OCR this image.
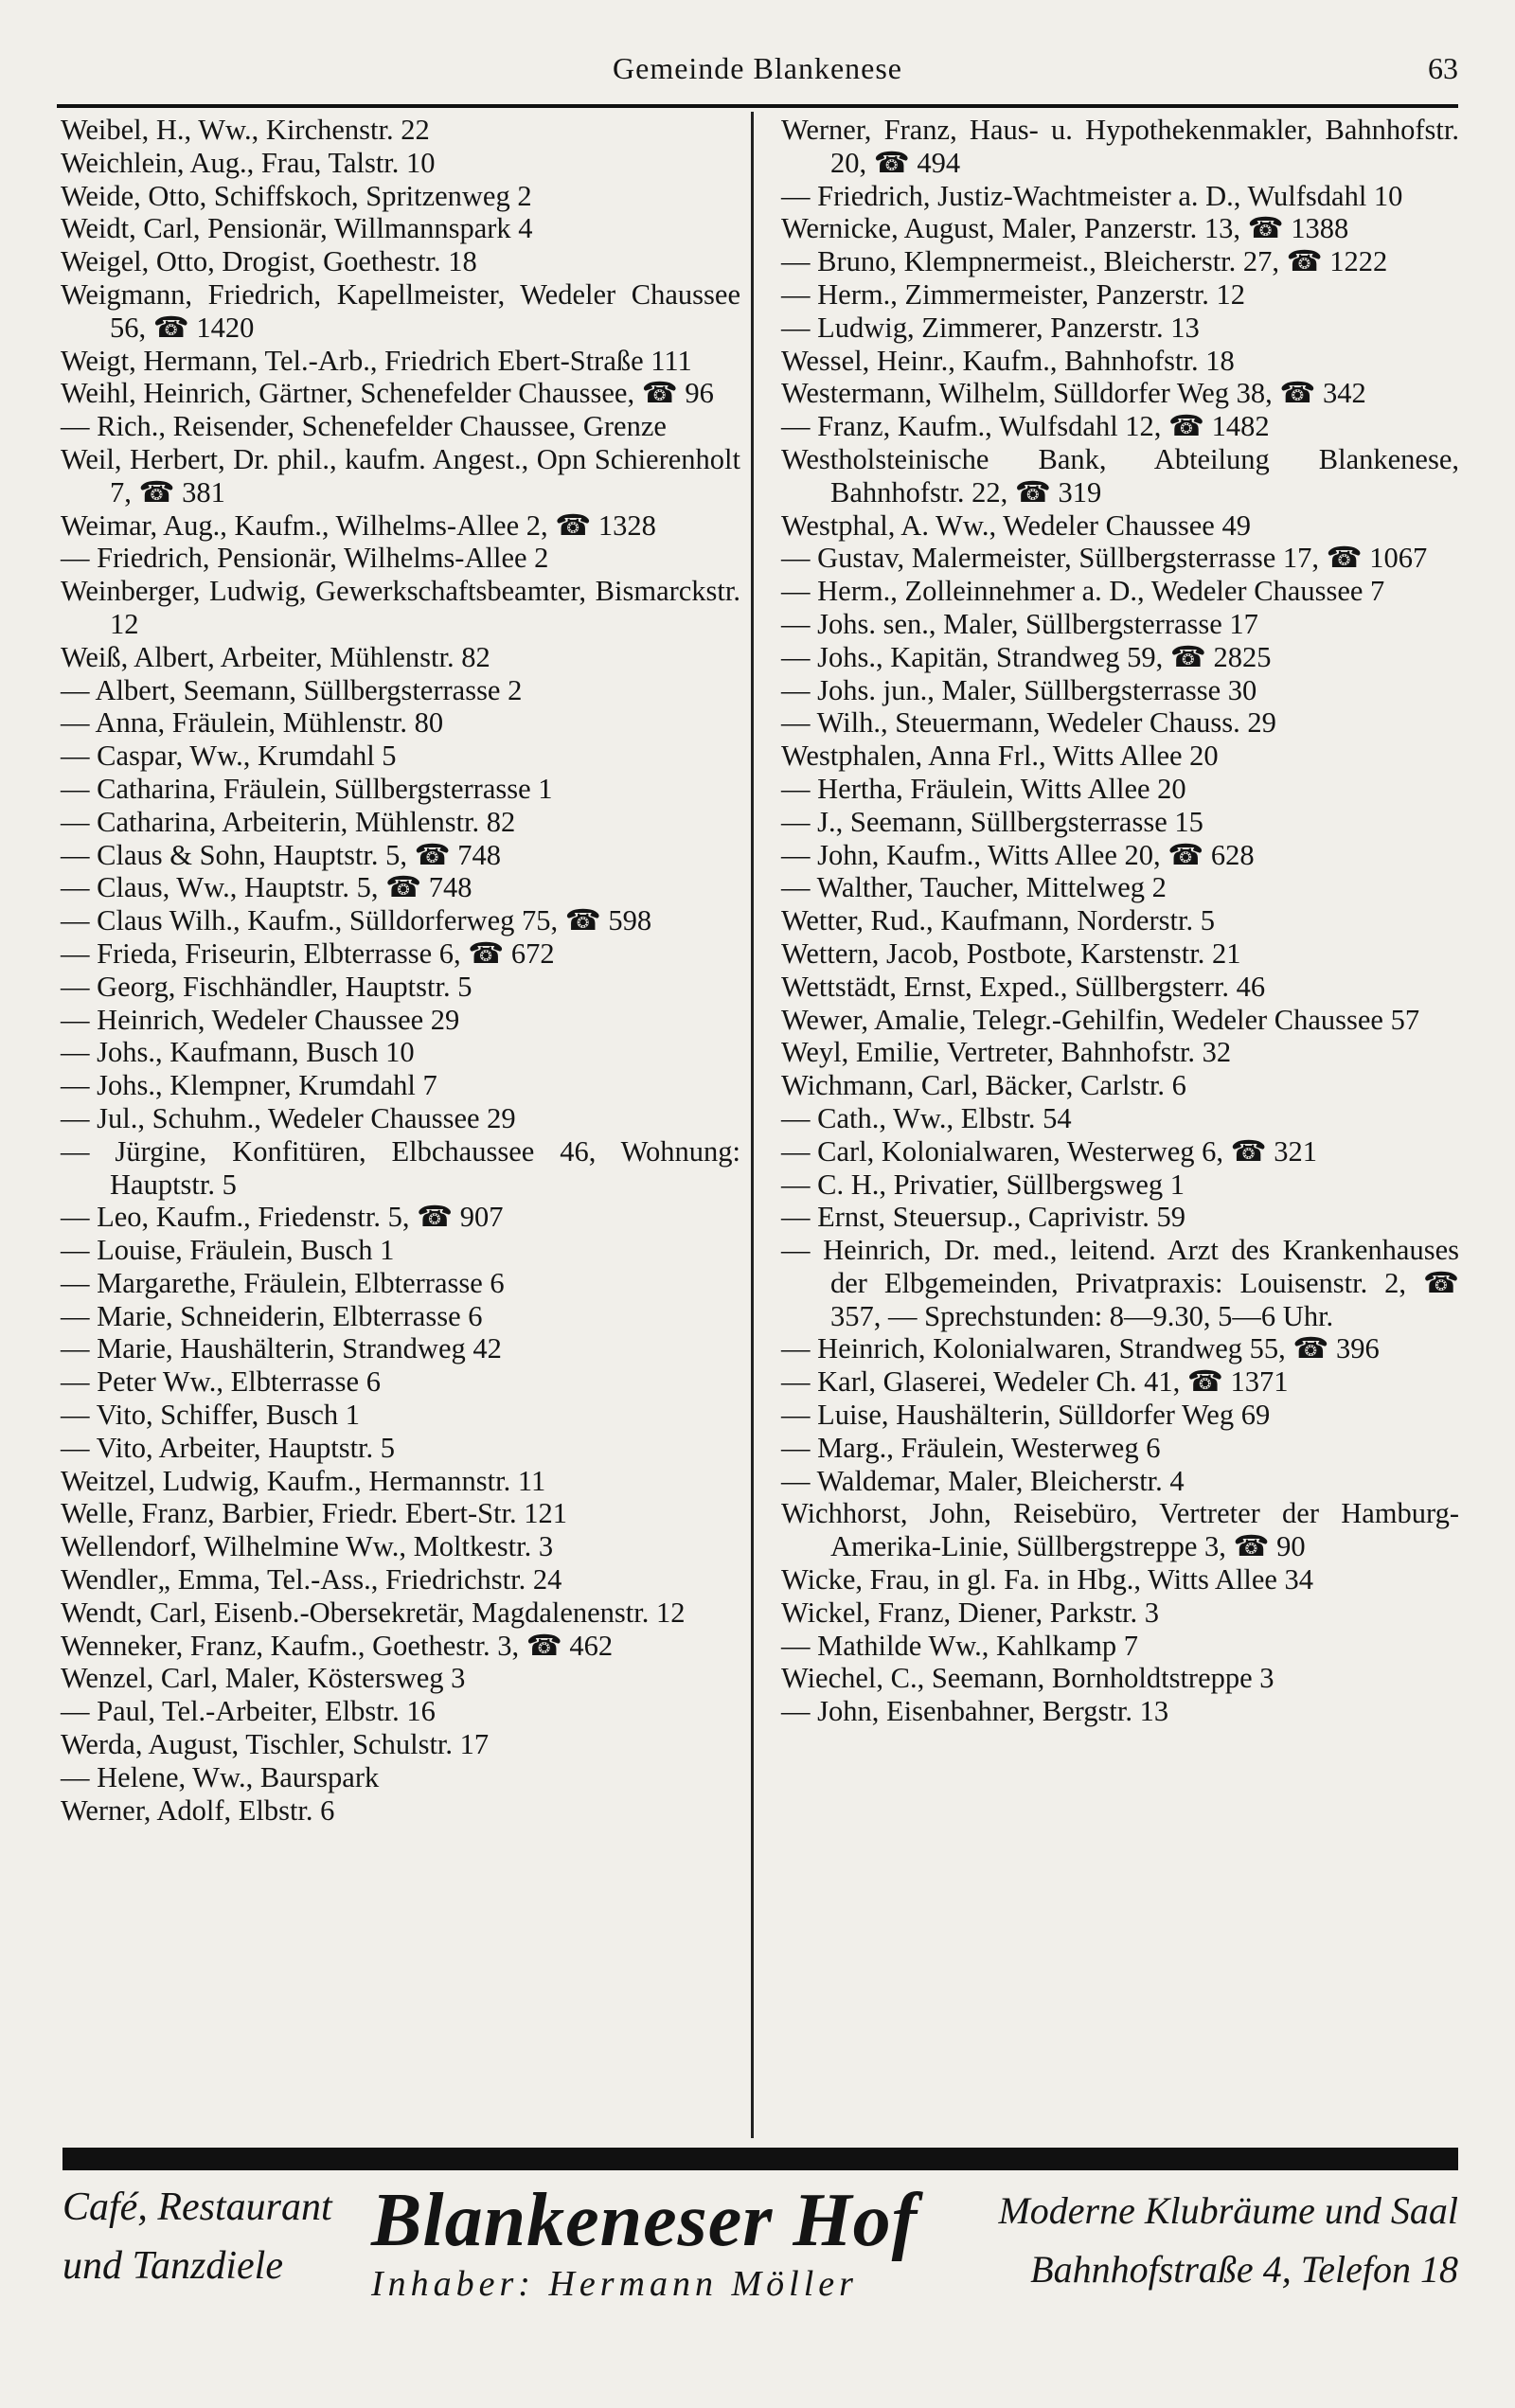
Gemeinde Blankenese	63
Weibel, H., Ww., Kirchenstr. 22
Weichlein, Aug., Frau, Talstr. 10
Weide, Otto, Schiffskoch, Spritzenweg 2
Weidt, Carl, Pensionär, Willmannspark 4
Weigel, Otto, Drogist, Goethestr. 18
Weigmann, Friedrich, Kapellmeister, Wedeler Chaussee 56, ☎ 1420
Weigt, Hermann, Tel.-Arb., Friedrich Ebert-Straße 111
Weihl, Heinrich, Gärtner, Schenefelder Chaussee, ☎ 96
— Rich., Reisender, Schenefelder Chaussee, Grenze
Weil, Herbert, Dr. phil., kaufm. Angest., Opn Schierenholt 7, ☎ 381
Weimar, Aug., Kaufm., Wilhelms-Allee 2, ☎ 1328
— Friedrich, Pensionär, Wilhelms-Allee 2
Weinberger, Ludwig, Gewerkschaftsbeamter, Bismarckstr. 12
Weiß, Albert, Arbeiter, Mühlenstr. 82
— Albert, Seemann, Süllbergsterrasse 2
— Anna, Fräulein, Mühlenstr. 80
— Caspar, Ww., Krumdahl 5
— Catharina, Fräulein, Süllbergsterrasse 1
— Catharina, Arbeiterin, Mühlenstr. 82
— Claus & Sohn, Hauptstr. 5, ☎ 748
— Claus, Ww., Hauptstr. 5, ☎ 748
— Claus Wilh., Kaufm., Sülldorferweg 75, ☎ 598
— Frieda, Friseurin, Elbterrasse 6, ☎ 672
— Georg, Fischhändler, Hauptstr. 5
— Heinrich, Wedeler Chaussee 29
— Johs., Kaufmann, Busch 10
— Johs., Klempner, Krumdahl 7
— Jul., Schuhm., Wedeler Chaussee 29
— Jürgine, Konfitüren, Elbchaussee 46, Wohnung: Hauptstr. 5
— Leo, Kaufm., Friedenstr. 5, ☎ 907
— Louise, Fräulein, Busch 1
— Margarethe, Fräulein, Elbterrasse 6
— Marie, Schneiderin, Elbterrasse 6
— Marie, Haushälterin, Strandweg 42
— Peter Ww., Elbterrasse 6
— Vito, Schiffer, Busch 1
— Vito, Arbeiter, Hauptstr. 5
Weitzel, Ludwig, Kaufm., Hermannstr. 11
Welle, Franz, Barbier, Friedr. Ebert-Str. 121
Wellendorf, Wilhelmine Ww., Moltkestr. 3
Wendler„ Emma, Tel.-Ass., Friedrichstr. 24
Wendt, Carl, Eisenb.-Obersekretär, Magdalenenstr. 12
Wenneker, Franz, Kaufm., Goethestr. 3, ☎ 462
Wenzel, Carl, Maler, Köstersweg 3
— Paul, Tel.-Arbeiter, Elbstr. 16
Werda, August, Tischler, Schulstr. 17
— Helene, Ww., Baurspark
Werner, Adolf, Elbstr. 6
Werner, Franz, Haus- u. Hypothekenmakler, Bahnhofstr. 20, ☎ 494
— Friedrich, Justiz-Wachtmeister a. D., Wulfsdahl 10
Wernicke, August, Maler, Panzerstr. 13, ☎ 1388
— Bruno, Klempnermeist., Bleicherstr. 27, ☎ 1222
— Herm., Zimmermeister, Panzerstr. 12
— Ludwig, Zimmerer, Panzerstr. 13
Wessel, Heinr., Kaufm., Bahnhofstr. 18
Westermann, Wilhelm, Sülldorfer Weg 38, ☎ 342
— Franz, Kaufm., Wulfsdahl 12, ☎ 1482
Westholsteinische Bank, Abteilung Blankenese, Bahnhofstr. 22, ☎ 319
Westphal, A. Ww., Wedeler Chaussee 49
— Gustav, Malermeister, Süllbergsterrasse 17, ☎ 1067
— Herm., Zolleinnehmer a. D., Wedeler Chaussee 7
— Johs. sen., Maler, Süllbergsterrasse 17
— Johs., Kapitän, Strandweg 59, ☎ 2825
— Johs. jun., Maler, Süllbergsterrasse 30
— Wilh., Steuermann, Wedeler Chauss. 29
Westphalen, Anna Frl., Witts Allee 20
— Hertha, Fräulein, Witts Allee 20
— J., Seemann, Süllbergsterrasse 15
— John, Kaufm., Witts Allee 20, ☎ 628
— Walther, Taucher, Mittelweg 2
Wetter, Rud., Kaufmann, Norderstr. 5
Wettern, Jacob, Postbote, Karstenstr. 21
Wettstädt, Ernst, Exped., Süllbergsterr. 46
Wewer, Amalie, Telegr.-Gehilfin, Wedeler Chaussee 57
Weyl, Emilie, Vertreter, Bahnhofstr. 32
Wichmann, Carl, Bäcker, Carlstr. 6
— Cath., Ww., Elbstr. 54
— Carl, Kolonialwaren, Westerweg 6, ☎ 321
— C. H., Privatier, Süllbergsweg 1
— Ernst, Steuersup., Caprivistr. 59
— Heinrich, Dr. med., leitend. Arzt des Krankenhauses der Elbgemeinden, Privatpraxis: Louisenstr. 2, ☎ 357, — Sprechstunden: 8—9.30, 5—6 Uhr.
— Heinrich, Kolonialwaren, Strandweg 55, ☎ 396
— Karl, Glaserei, Wedeler Ch. 41, ☎ 1371
— Luise, Haushälterin, Sülldorfer Weg 69
— Marg., Fräulein, Westerweg 6
— Waldemar, Maler, Bleicherstr. 4
Wichhorst, John, Reisebüro, Vertreter der Hamburg-Amerika-Linie, Süllbergstreppe 3, ☎ 90
Wicke, Frau, in gl. Fa. in Hbg., Witts Allee 34
Wickel, Franz, Diener, Parkstr. 3
— Mathilde Ww., Kahlkamp 7
Wiechel, C., Seemann, Bornholdtstreppe 3
— John, Eisenbahner, Bergstr. 13
Café, Restaurant
und Tanzdiele
Blankeneser Hof
Inhaber: Hermann Möller
Moderne Klubräume und Saal
Bahnhofstraße 4, Telefon 18
